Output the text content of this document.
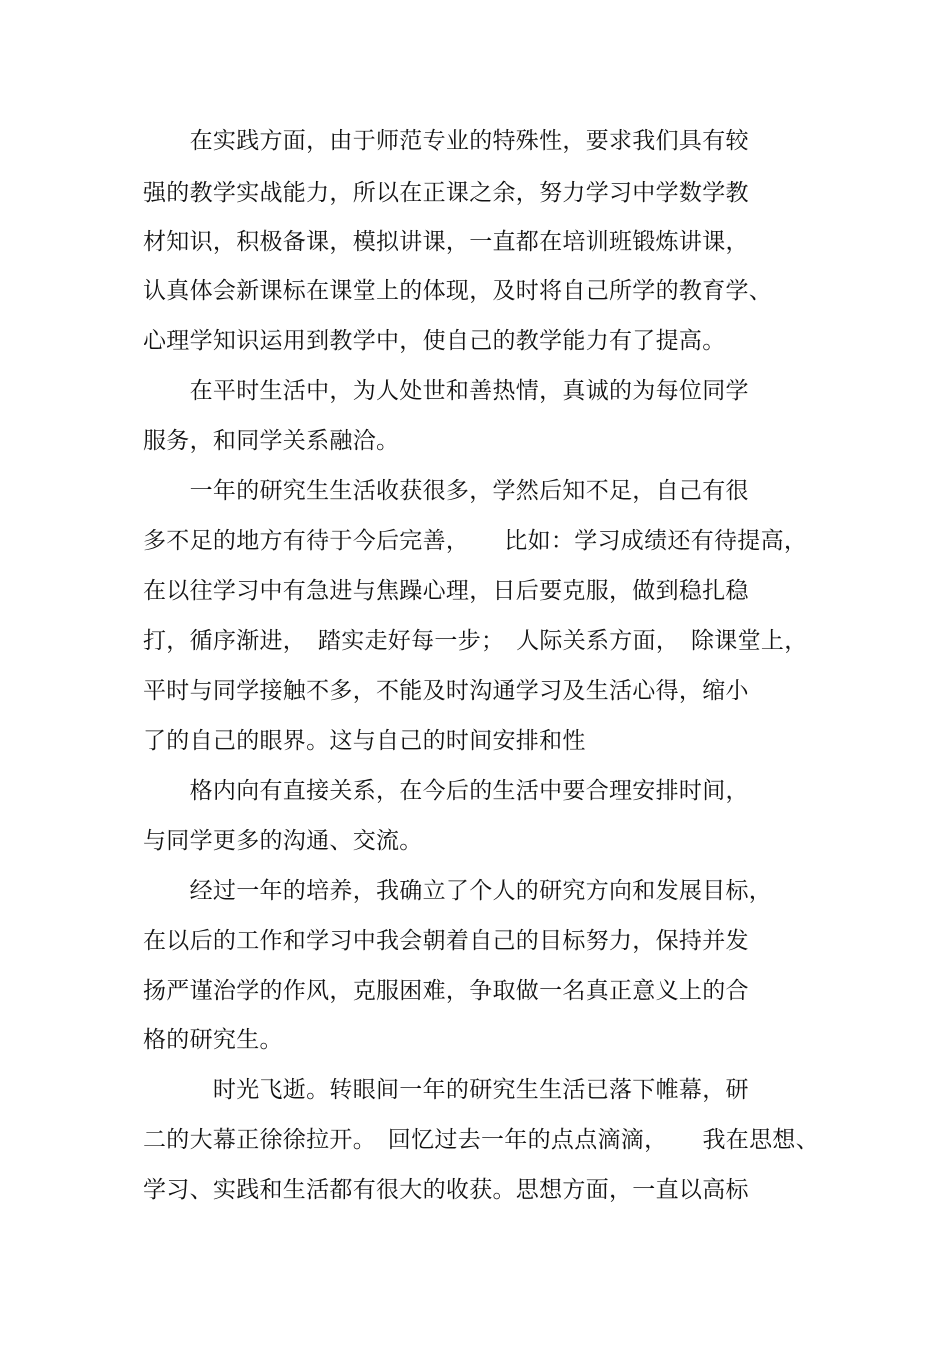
　　在实践方面，由于师范专业的特殊性，要求我们具有较
强的教学实战能力，所以在正课之余，努力学习中学数学教
材知识，积极备课，模拟讲课，一直都在培训班锻炼讲课，
认真体会新课标在课堂上的体现，及时将自己所学的教育学、
心理学知识运用到教学中，使自己的教学能力有了提高。
　　在平时生活中，为人处世和善热情，真诚的为每位同学
服务，和同学关系融洽。
　　一年的研究生生活收获很多，学然后知不足，自己有很
多不足的地方有待于今后完善，　　比如：学习成绩还有待提高，
在以往学习中有急进与焦躁心理，日后要克服，做到稳扎稳
打，循序渐进，　踏实走好每一步；　人际关系方面，　除课堂上，
平时与同学接触不多，不能及时沟通学习及生活心得，缩小
了的自己的眼界。这与自己的时间安排和性
　　格内向有直接关系，在今后的生活中要合理安排时间，
与同学更多的沟通、交流。
　　经过一年的培养，我确立了个人的研究方向和发展目标，
在以后的工作和学习中我会朝着自己的目标努力，保持并发
扬严谨治学的作风，克服困难，争取做一名真正意义上的合
格的研究生。
　　　时光飞逝。转眼间一年的研究生生活已落下帷幕，研
二的大幕正徐徐拉开。　回忆过去一年的点点滴滴，　　我在思想、
学习、实践和生活都有很大的收获。思想方面，一直以高标
